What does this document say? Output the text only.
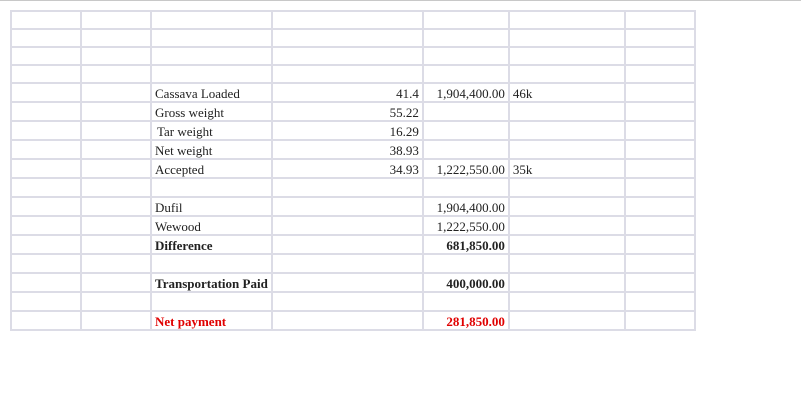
		Cassava Loaded	41.4	1,904,400.00	46k	
		Gross weight	55.22			
		Tar weight	16.29			
		Net weight	38.93			
		Accepted	34.93	1,222,550.00	35k	

		Dufil		1,904,400.00		
		Wewood		1,222,550.00		
		Difference		681,850.00		

		Transportation Paid		400,000.00		

		Net payment		281,850.00		
